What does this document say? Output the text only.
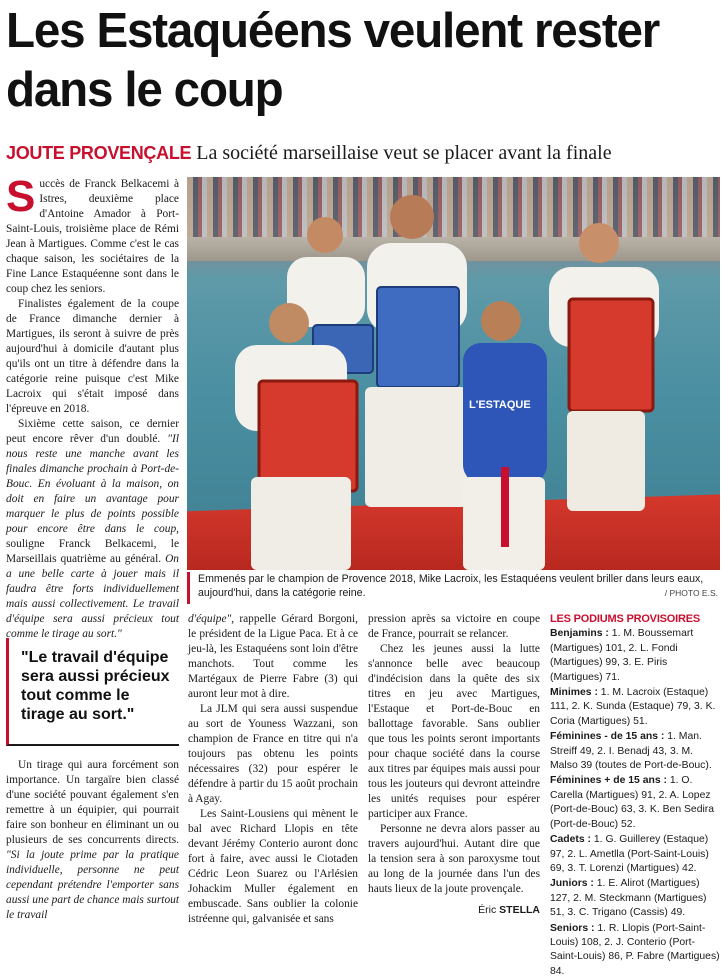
Les Estaquéens veulent rester dans le coup
JOUTE PROVENÇALE La société marseillaise veut se placer avant la finale

Succès de Franck Belkacemi à Istres, deuxième place d'Antoine Amador à Port-Saint-Louis, troisième place de Rémi Jean à Martigues. Comme c'est le cas chaque saison, les sociétaires de la Fine Lance Estaquéenne sont dans le coup chez les seniors.

Finalistes également de la coupe de France dimanche dernier à Martigues, ils seront à suivre de près aujourd'hui à domicile d'autant plus qu'ils ont un titre à défendre dans la catégorie reine puisque c'est Mike Lacroix qui s'était imposé dans l'épreuve en 2018.

Sixième cette saison, ce dernier peut encore rêver d'un doublé. "Il nous reste une manche avant les finales dimanche prochain à Port-de-Bouc. En évoluant à la maison, on doit en faire un avantage pour marquer le plus de points possible pour encore être dans le coup, souligne Franck Belkacemi, le Marseillais quatrième au général. On a une belle carte à jouer mais il faudra être forts individuellement mais aussi collectivement. Le travail d'équipe sera aussi précieux tout comme le tirage au sort."

"Le travail d'équipe sera aussi précieux tout comme le tirage au sort."

Un tirage qui aura forcément son importance. Un targaïre bien classé d'une société pouvant également s'en remettre à un équipier, qui pourrait faire son bonheur en éliminant un ou plusieurs de ses concurrents directs. "Si la joute prime par la pratique individuelle, personne ne peut cependant prétendre l'emporter sans aussi une part de chance mais surtout le travail

L'ESTAQUE
Emmenés par le champion de Provence 2018, Mike Lacroix, les Estaquéens veulent briller dans leurs eaux, aujourd'hui, dans la catégorie reine.	/ PHOTO E.S.

d'équipe", rappelle Gérard Borgoni, le président de la Ligue Paca. Et à ce jeu-là, les Estaquéens sont loin d'être manchots. Tout comme les Martégaux de Pierre Fabre (3) qui auront leur mot à dire.

La JLM qui sera aussi suspendue au sort de Youness Wazzani, son champion de France en titre qui n'a toujours pas obtenu les points nécessaires (32) pour espérer le défendre à partir du 15 août prochain à Agay.

Les Saint-Lousiens qui mènent le bal avec Richard Llopis en tête devant Jérémy Conterio auront donc fort à faire, avec aussi le Ciotaden Cédric Leon Suarez ou l'Arlésien Johackim Muller également en embuscade. Sans oublier la colonie istréenne qui, galvanisée et sans

pression après sa victoire en coupe de France, pourrait se relancer.

Chez les jeunes aussi la lutte s'annonce belle avec beaucoup d'indécision dans la quête des six titres en jeu avec Martigues, l'Estaque et Port-de-Bouc en ballottage favorable. Sans oublier que tous les points seront importants pour chaque société dans la course aux titres par équipes mais aussi pour tous les jouteurs qui devront atteindre les unités requises pour espérer participer aux France.

Personne ne devra alors passer au travers aujourd'hui. Autant dire que la tension sera à son paroxysme tout au long de la journée dans l'un des hauts lieux de la joute provençale.

Éric STELLA
LES PODIUMS PROVISOIRES
Benjamins : 1. M. Boussemart (Martigues) 101, 2. L. Fondi (Martigues) 99, 3. E. Piris (Martigues) 71.
Minimes : 1. M. Lacroix (Estaque) 111, 2. K. Sunda (Estaque) 79, 3. K. Coria (Martigues) 51.
Féminines - de 15 ans : 1. Man. Streiff 49, 2. I. Benadj 43, 3. M. Malso 39 (toutes de Port-de-Bouc).
Féminines + de 15 ans : 1. O. Carella (Martigues) 91, 2. A. Lopez (Port-de-Bouc) 63, 3. K. Ben Sedira (Port-de-Bouc) 52.
Cadets : 1. G. Guillerey (Estaque) 97, 2. L. Ametlla (Port-Saint-Louis) 69, 3. T. Lorenzi (Martigues) 42.
Juniors : 1. E. Alirot (Martigues) 127, 2. M. Steckmann (Martigues) 51, 3. C. Trigano (Cassis) 49.
Seniors : 1. R. Llopis (Port-Saint-Louis) 108, 2. J. Conterio (Port-Saint-Louis) 86, P. Fabre (Martigues) 84.
